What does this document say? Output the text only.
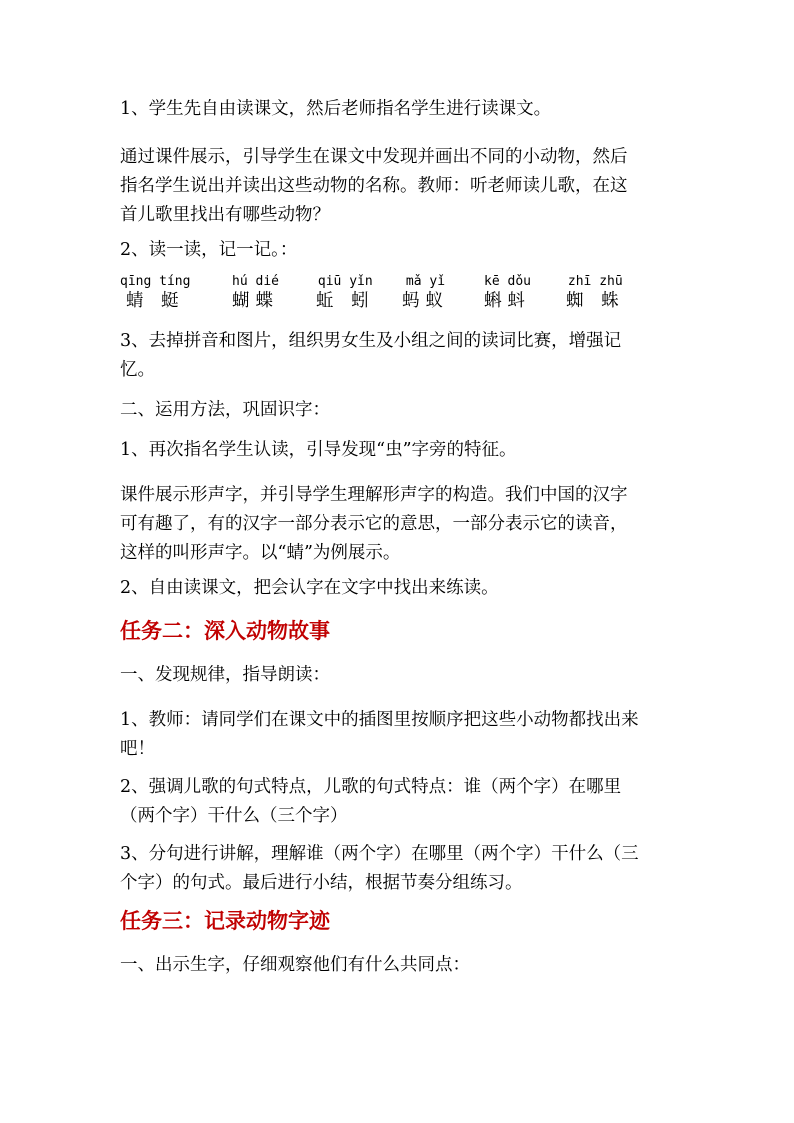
1、学生先自由读课文，然后老师指名学生进行读课文。

通过课件展示，引导学生在课文中发现并画出不同的小动物，然后

指名学生说出并读出这些动物的名称。教师：听老师读儿歌，在这

首儿歌里找出有哪些动物？

2、读一读，记一记。：

qīng tíng
蜻 蜓
hú dié
蝴蝶
qiū yǐn
蚯 蚓
mǎ yǐ
蚂蚁
kē dǒu
蝌蚪
zhī zhū
蜘 蛛

3、去掉拼音和图片，组织男女生及小组之间的读词比赛，增强记

忆。

二、运用方法，巩固识字：

1、再次指名学生认读，引导发现“虫”字旁的特征。

课件展示形声字，并引导学生理解形声字的构造。我们中国的汉字

可有趣了，有的汉字一部分表示它的意思，一部分表示它的读音，

这样的叫形声字。以“蜻”为例展示。

2、自由读课文，把会认字在文字中找出来练读。

任务二：深入动物故事

一、发现规律，指导朗读：

1、教师：请同学们在课文中的插图里按顺序把这些小动物都找出来

吧！

2、强调儿歌的句式特点，儿歌的句式特点：谁（两个字）在哪里

（两个字）干什么（三个字）

3、分句进行讲解，理解谁（两个字）在哪里（两个字）干什么（三

个字）的句式。最后进行小结，根据节奏分组练习。

任务三：记录动物字迹

一、出示生字，仔细观察他们有什么共同点：
